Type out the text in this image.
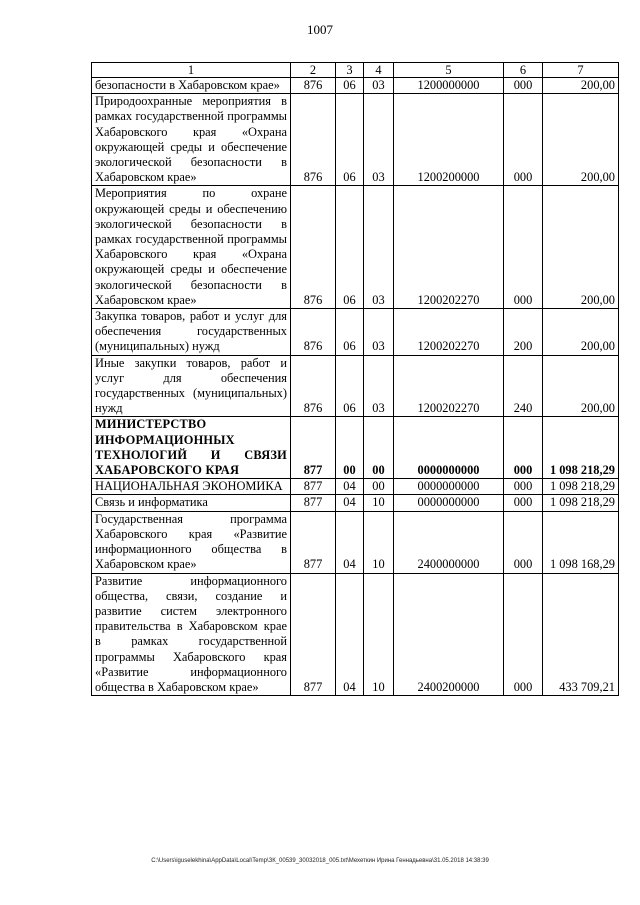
1007
1	2	3	4	5	6	7
безопасности в Хабаровском крае»	876	06	03	1200000000	000	200,00
Природоохранные мероприятия в рамках государственной программы Хабаровского края «Охрана окружающей среды и обеспечение экологической безопасности в Хабаровском крае»	876	06	03	1200200000	000	200,00
Мероприятия по охране окружающей среды и обеспечению экологической безопасности в рамках государственной программы Хабаровского края «Охрана окружающей среды и обеспечение экологической безопасности в Хабаровском крае»	876	06	03	1200202270	000	200,00
Закупка товаров, работ и услуг для обеспечения государственных (муниципальных) нужд	876	06	03	1200202270	200	200,00
Иные закупки товаров, работ и услуг для обеспечения государственных (муниципальных) нужд	876	06	03	1200202270	240	200,00
МИНИСТЕРСТВО ИНФОРМАЦИОННЫХ ТЕХНОЛОГИЙ И СВЯЗИ ХАБАРОВСКОГО КРАЯ	877	00	00	0000000000	000	1 098 218,29
НАЦИОНАЛЬНАЯ ЭКОНОМИКА	877	04	00	0000000000	000	1 098 218,29
Связь и информатика	877	04	10	0000000000	000	1 098 218,29
Государственная программа Хабаровского края «Развитие информационного общества в Хабаровском крае»	877	04	10	2400000000	000	1 098 168,29
Развитие информационного общества, связи, создание и развитие систем электронного правительства в Хабаровском крае в рамках государственной программы Хабаровского края «Развитие информационного общества в Хабаровском крае»	877	04	10	2400200000	000	433 709,21
C:\Users\iguselekhina\AppData\Local\Temp\ЗК_00539_30032018_005.txt\Мехеткин Ирина Геннадьевна\31.05.2018 14:38:39
